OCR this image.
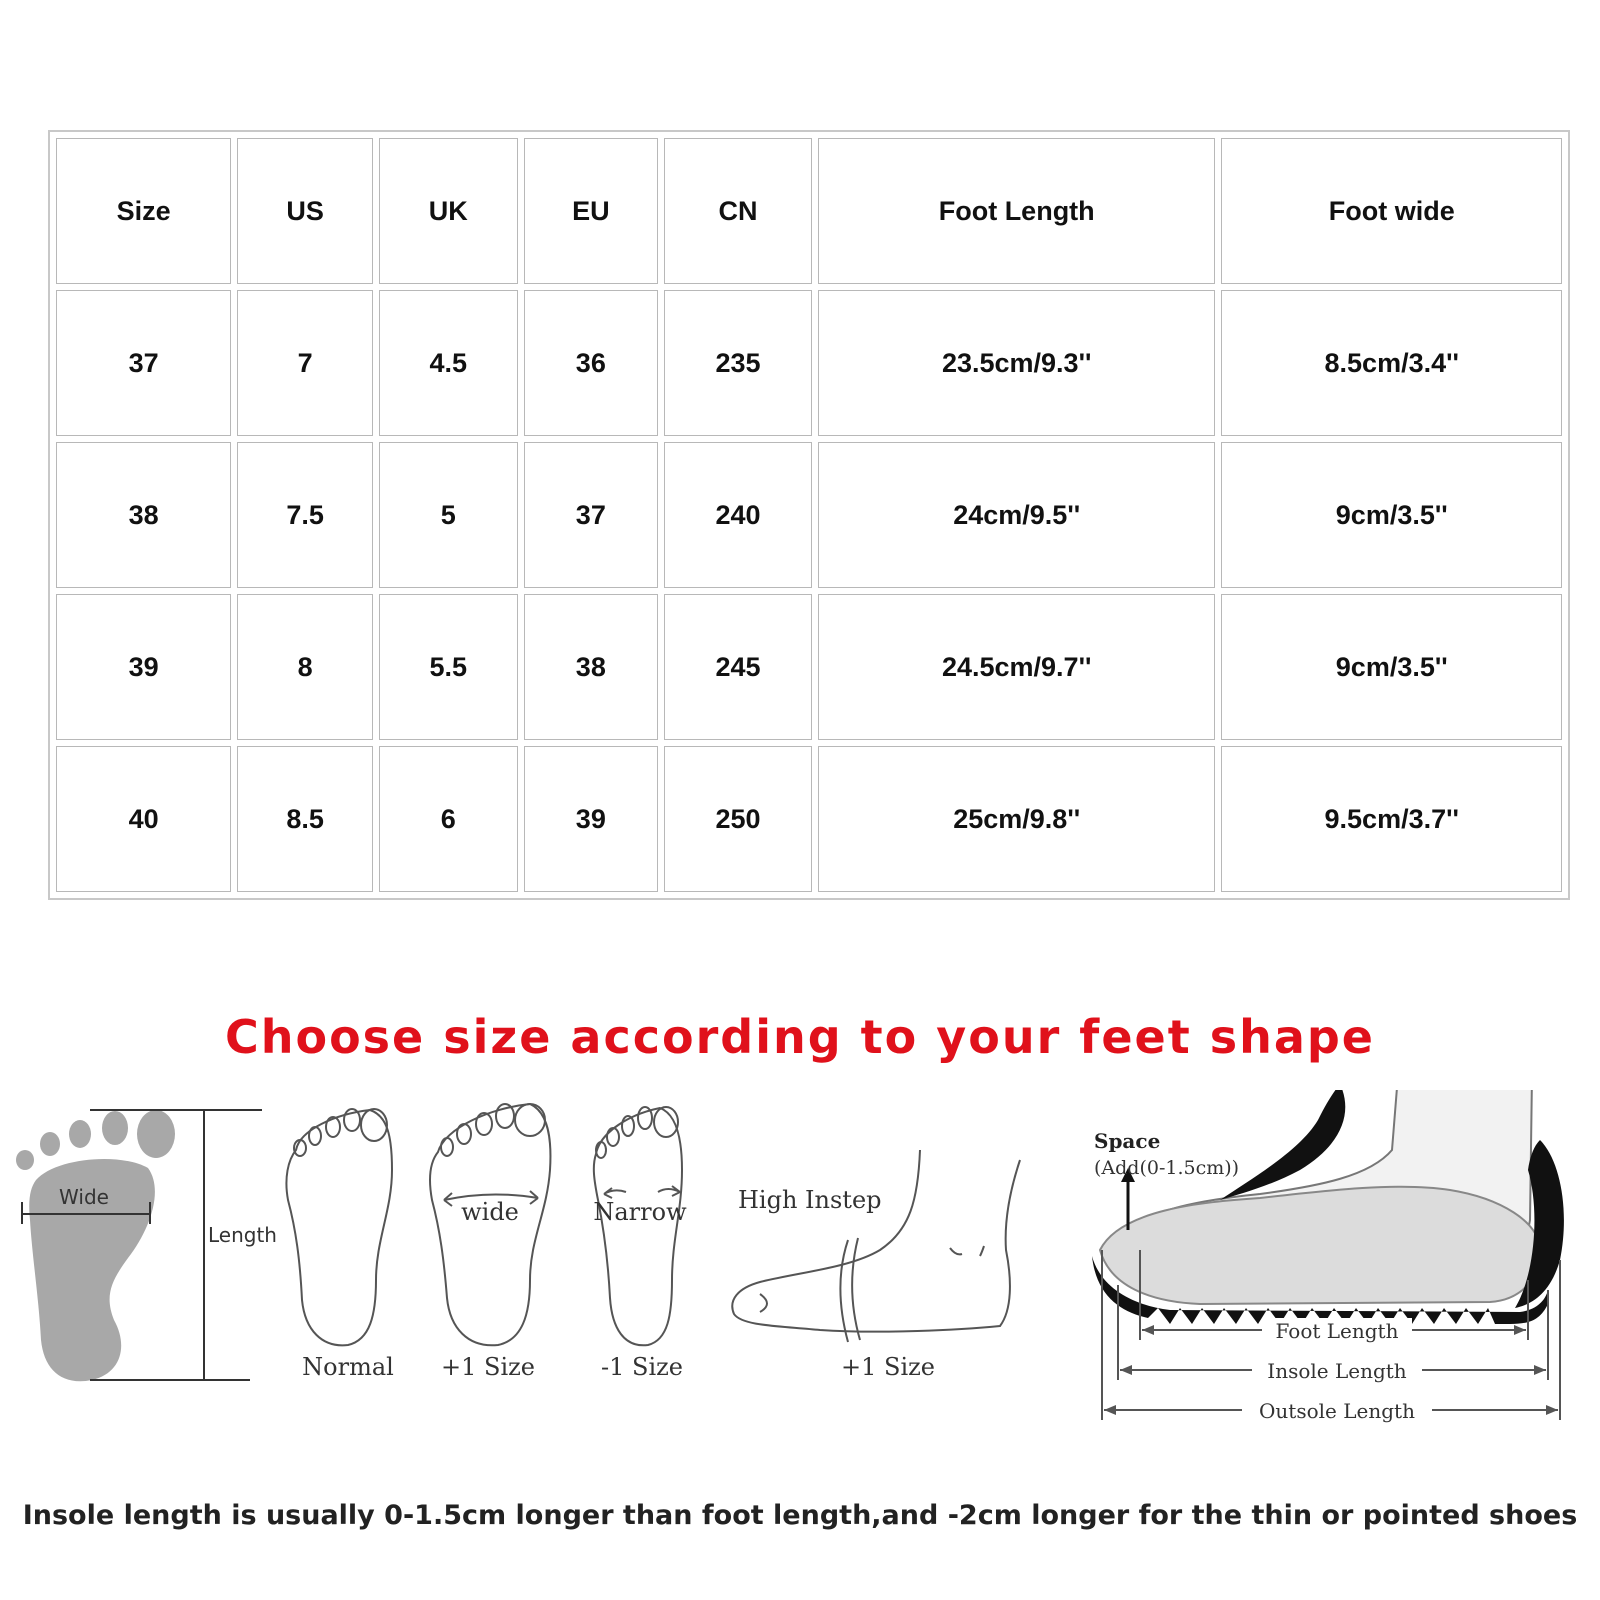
Size	US	UK	EU	CN	Foot Length	Foot wide
37	7	4.5	36	235	23.5cm/9.3''	8.5cm/3.4''
38	7.5	5	37	240	24cm/9.5''	9cm/3.5''
39	8	5.5	38	245	24.5cm/9.7''	9cm/3.5''
40	8.5	6	39	250	25cm/9.8''	9.5cm/3.7''
Choose size according to your feet shape
Wide
Length
Normal
wide
+1 Size
Narrow
-1 Size
High Instep
+1 Size
Space
(Add(0-1.5cm))
Foot Length
Insole Length
Outsole Length

Insole length is usually 0-1.5cm longer than foot length,and -2cm longer for the thin or pointed shoes
